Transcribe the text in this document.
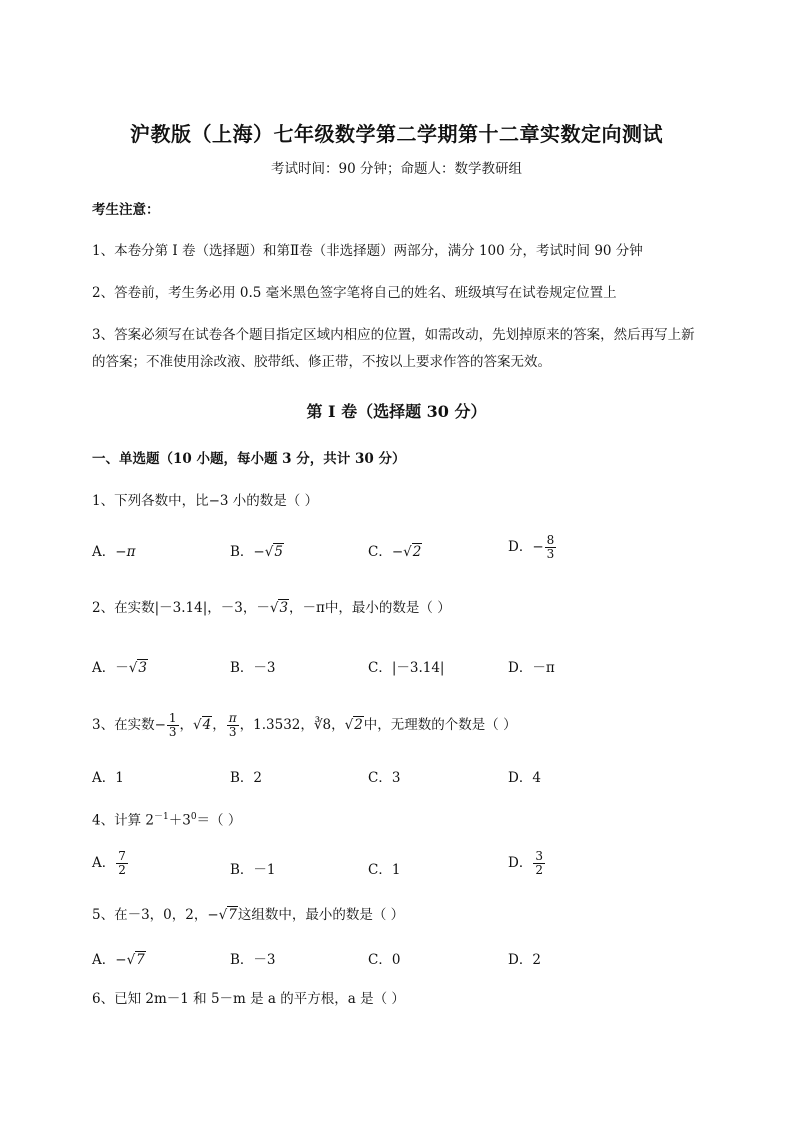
沪教版（上海）七年级数学第二学期第十二章实数定向测试
考试时间：90 分钟；命题人：数学教研组
考生注意：
1、本卷分第 I 卷（选择题）和第Ⅱ卷（非选择题）两部分，满分 100 分，考试时间 90 分钟
2、答卷前，考生务必用 0.5 毫米黑色签字笔将自己的姓名、班级填写在试卷规定位置上
3、答案必须写在试卷各个题目指定区域内相应的位置，如需改动，先划掉原来的答案，然后再写上新
的答案；不准使用涂改液、胶带纸、修正带，不按以上要求作答的答案无效。
第 I 卷（选择题 30 分）
一、单选题（10 小题，每小题 3 分，共计 30 分）
1、下列各数中，比−3 小的数是（ ）
A．−π	B．−√5	C．−√2	D．− $\frac{8}{3}$
2、在实数|－3.14|，－3，－√3，－π中，最小的数是（ ）
A．－√3	B．－3	C．|－3.14|	D．－π
3、在实数− $\frac{1}{3}$ ，√4， $\frac{\pi}{3}$ ，1.3532，∛8，√2中，无理数的个数是（ ）
A．1	B．2	C．3	D．4
4、计算 $2^{-1}+3^0=$（ ）
A． $\frac{7}{2}$	B．－1	C．1	D． $\frac{3}{2}$
5、在－3，0，2，−√7这组数中，最小的数是（ ）
A．−√7	B．－3	C．0	D．2
6、已知 2m－1 和 5－m 是 a 的平方根，a 是（ ）
